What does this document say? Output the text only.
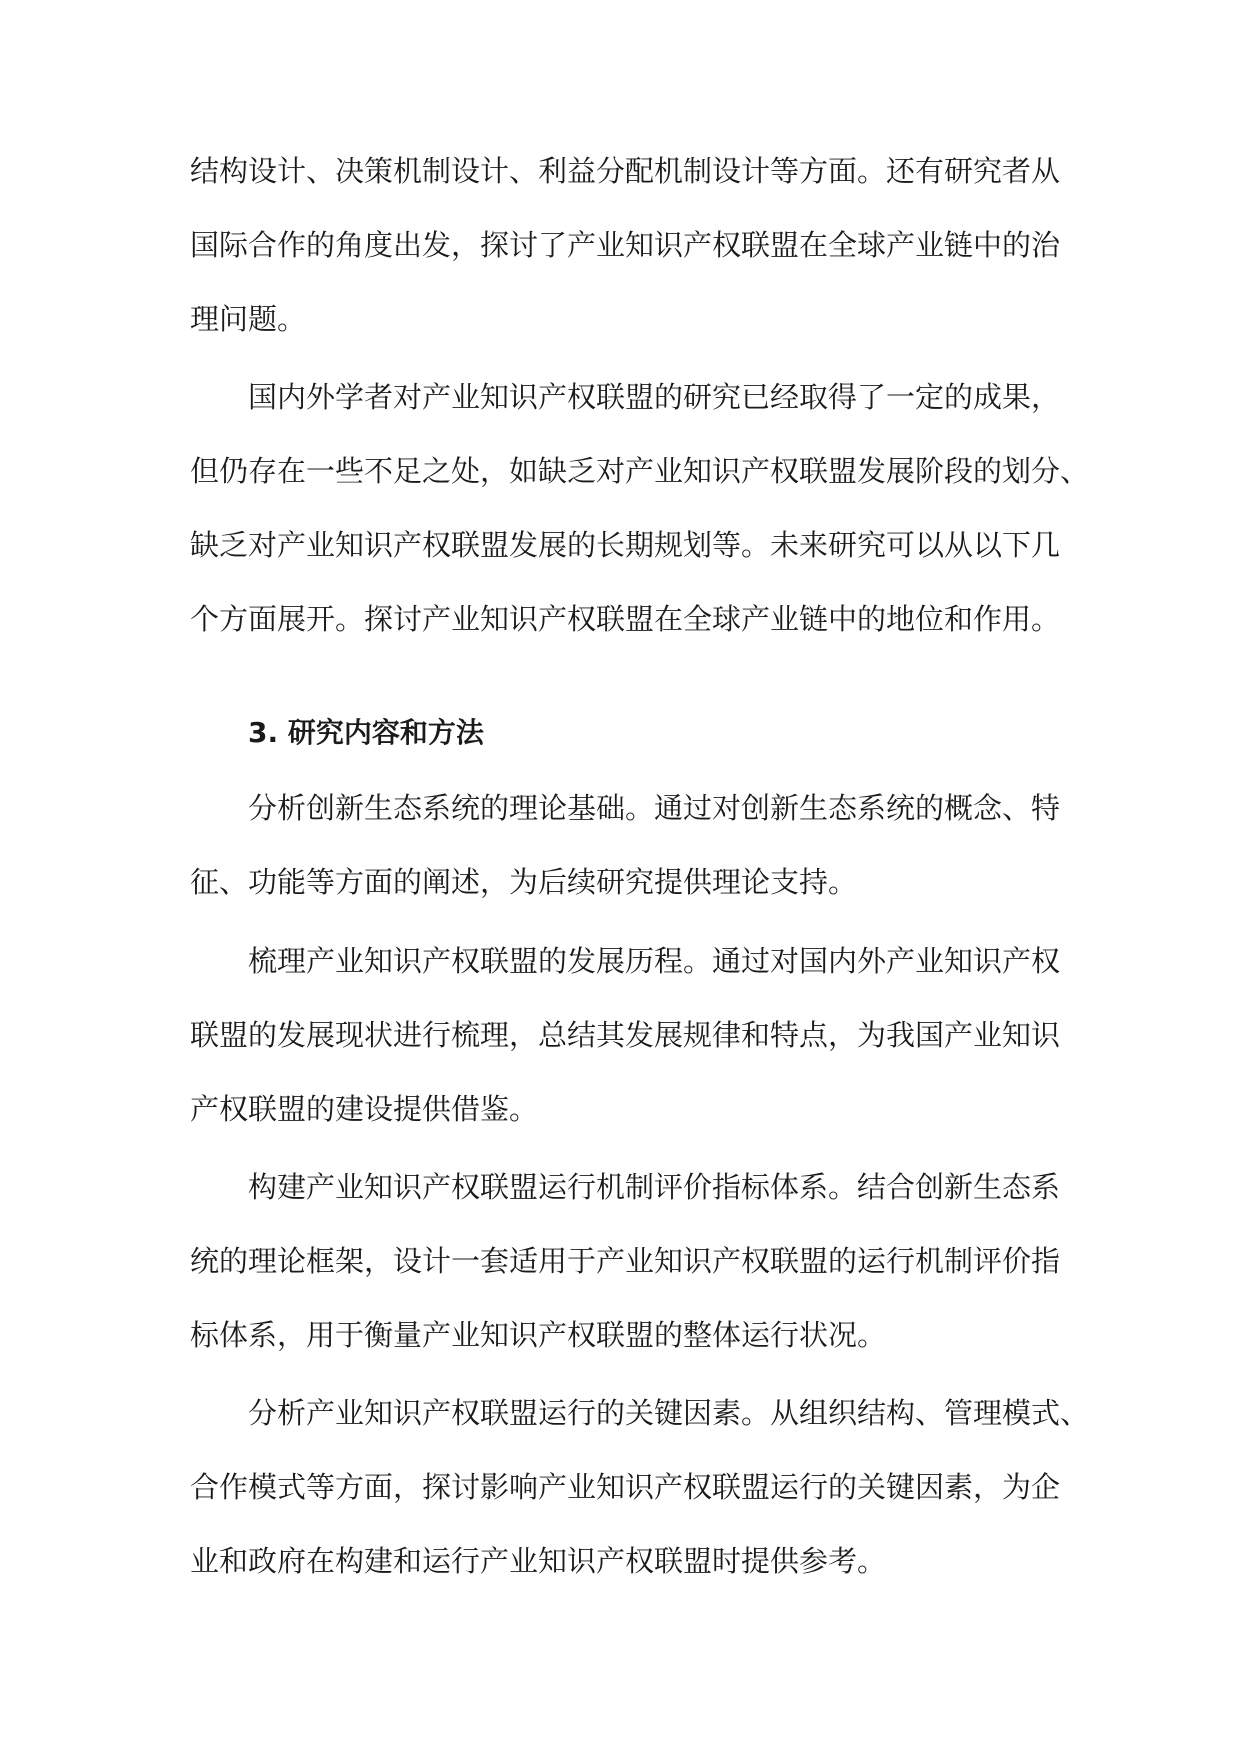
结构设计、决策机制设计、利益分配机制设计等方面。还有研究者从
国际合作的角度出发，探讨了产业知识产权联盟在全球产业链中的治
理问题。
国内外学者对产业知识产权联盟的研究已经取得了一定的成果，
但仍存在一些不足之处，如缺乏对产业知识产权联盟发展阶段的划分、
缺乏对产业知识产权联盟发展的长期规划等。未来研究可以从以下几
个方面展开。探讨产业知识产权联盟在全球产业链中的地位和作用。
3. 研究内容和方法
分析创新生态系统的理论基础。通过对创新生态系统的概念、特
征、功能等方面的阐述，为后续研究提供理论支持。
梳理产业知识产权联盟的发展历程。通过对国内外产业知识产权
联盟的发展现状进行梳理，总结其发展规律和特点，为我国产业知识
产权联盟的建设提供借鉴。
构建产业知识产权联盟运行机制评价指标体系。结合创新生态系
统的理论框架，设计一套适用于产业知识产权联盟的运行机制评价指
标体系，用于衡量产业知识产权联盟的整体运行状况。
分析产业知识产权联盟运行的关键因素。从组织结构、管理模式、
合作模式等方面，探讨影响产业知识产权联盟运行的关键因素，为企
业和政府在构建和运行产业知识产权联盟时提供参考。
